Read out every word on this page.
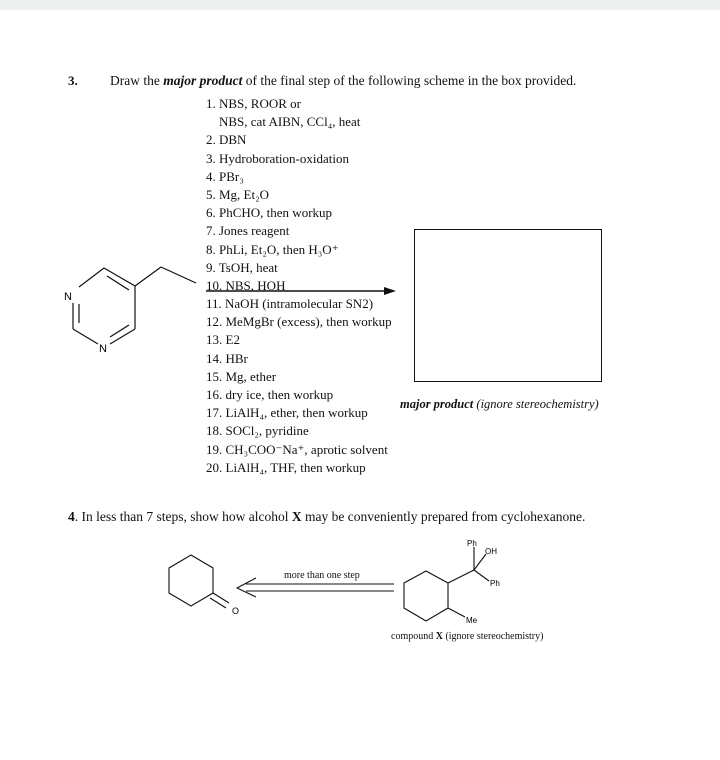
3. Draw the major product of the final step of the following scheme in the box provided.
N
N
O
Ph
OH
Ph
Me
1. NBS, ROOR or
NBS, cat AIBN, CCl₄, heat
2. DBN
3. Hydroboration-oxidation
4. PBr₃
5. Mg, Et₂O
6. PhCHO, then workup
7. Jones reagent
8. PhLi, Et₂O, then H₃O⁺
9. TsOH, heat
10. NBS, HOH
11. NaOH (intramolecular SN2)
12. MeMgBr (excess), then workup
13. E2
14. HBr
15. Mg, ether
16. dry ice, then workup
17. LiAlH₄, ether, then workup
18. SOCl₂, pyridine
19. CH₃COO⁻Na⁺, aprotic solvent
20. LiAlH₄, THF, then workup
major product (ignore stereochemistry)
4. In less than 7 steps, show how alcohol X may be conveniently prepared from cyclohexanone.
more than one step
compound X (ignore stereochemistry)
